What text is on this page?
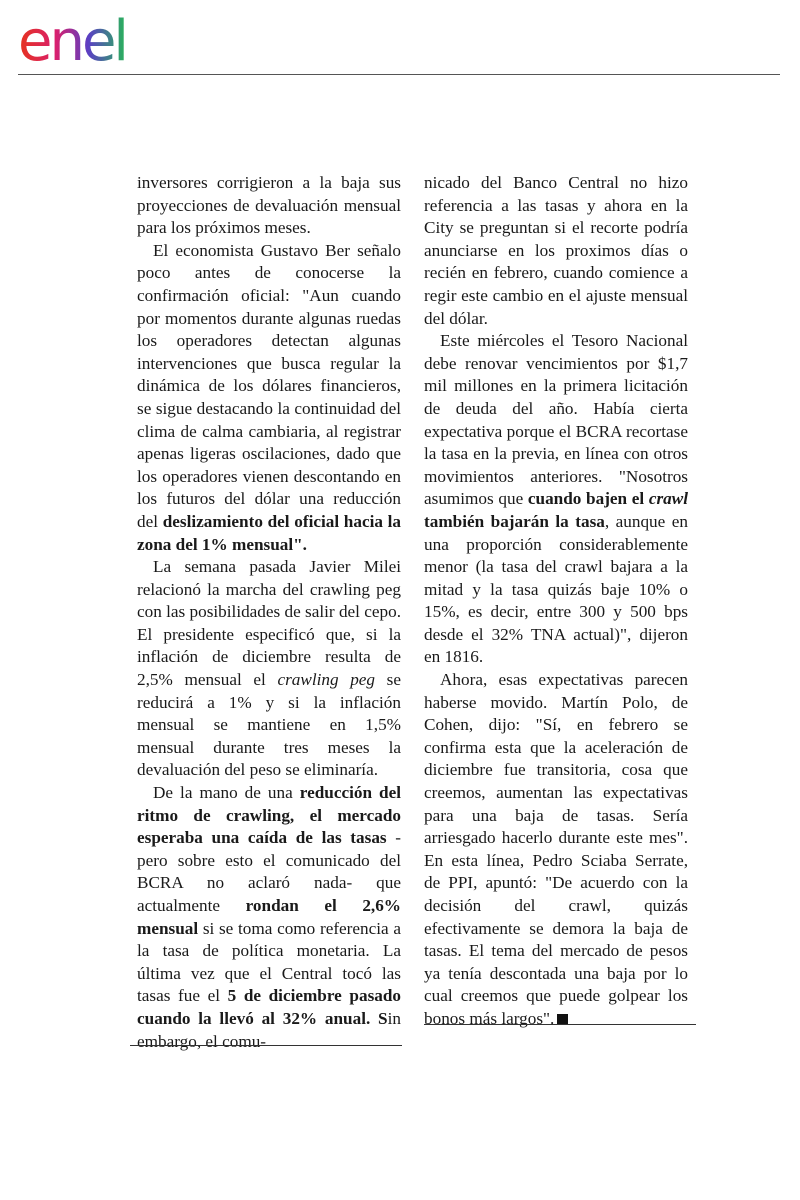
enel

inversores corrigieron a la baja sus proyecciones de devaluación mensual para los próximos meses.

El economista Gustavo Ber señalo poco antes de conocerse la confirmación oficial: "Aun cuando por momentos durante algunas ruedas los operadores detectan algunas intervenciones que busca regular la dinámica de los dólares financieros, se sigue destacando la continuidad del clima de calma cambiaria, al registrar apenas ligeras oscilaciones, dado que los operadores vienen descontando en los futuros del dólar una reducción del deslizamiento del oficial hacia la zona del 1% mensual".

La semana pasada Javier Milei relacionó la marcha del crawling peg con las posibilidades de salir del cepo. El presidente especificó que, si la inflación de diciembre resulta de 2,5% mensual el crawling peg se reducirá a 1% y si la inflación mensual se mantiene en 1,5% mensual durante tres meses la devaluación del peso se eliminaría.

De la mano de una reducción del ritmo de crawling, el mercado esperaba una caída de las tasas -pero sobre esto el comunicado del BCRA no aclaró nada- que actualmente rondan el 2,6% mensual si se toma como referencia a la tasa de política monetaria. La última vez que el Central tocó las tasas fue el 5 de diciembre pasado cuando la llevó al 32% anual. Sin embargo, el comu-

nicado del Banco Central no hizo referencia a las tasas y ahora en la City se preguntan si el recorte podría anunciarse en los proximos días o recién en febrero, cuando comience a regir este cambio en el ajuste mensual del dólar.

Este miércoles el Tesoro Nacional debe renovar vencimientos por $1,7 mil millones en la primera licitación de deuda del año. Había cierta expectativa porque el BCRA recortase la tasa en la previa, en línea con otros movimientos anteriores. "Nosotros asumimos que cuando bajen el crawl también bajarán la tasa, aunque en una proporción considerablemente menor (la tasa del crawl bajara a la mitad y la tasa quizás baje 10% o 15%, es decir, entre 300 y 500 bps desde el 32% TNA actual)", dijeron en 1816.

Ahora, esas expectativas parecen haberse movido. Martín Polo, de Cohen, dijo: "Sí, en febrero se confirma esta que la aceleración de diciembre fue transitoria, cosa que creemos, aumentan las expectativas para una baja de tasas. Sería arriesgado hacerlo durante este mes". En esta línea, Pedro Sciaba Serrate, de PPI, apuntó: "De acuerdo con la decisión del crawl, quizás efectivamente se demora la baja de tasas. El tema del mercado de pesos ya tenía descontada una baja por lo cual creemos que puede golpear los bonos más largos".
